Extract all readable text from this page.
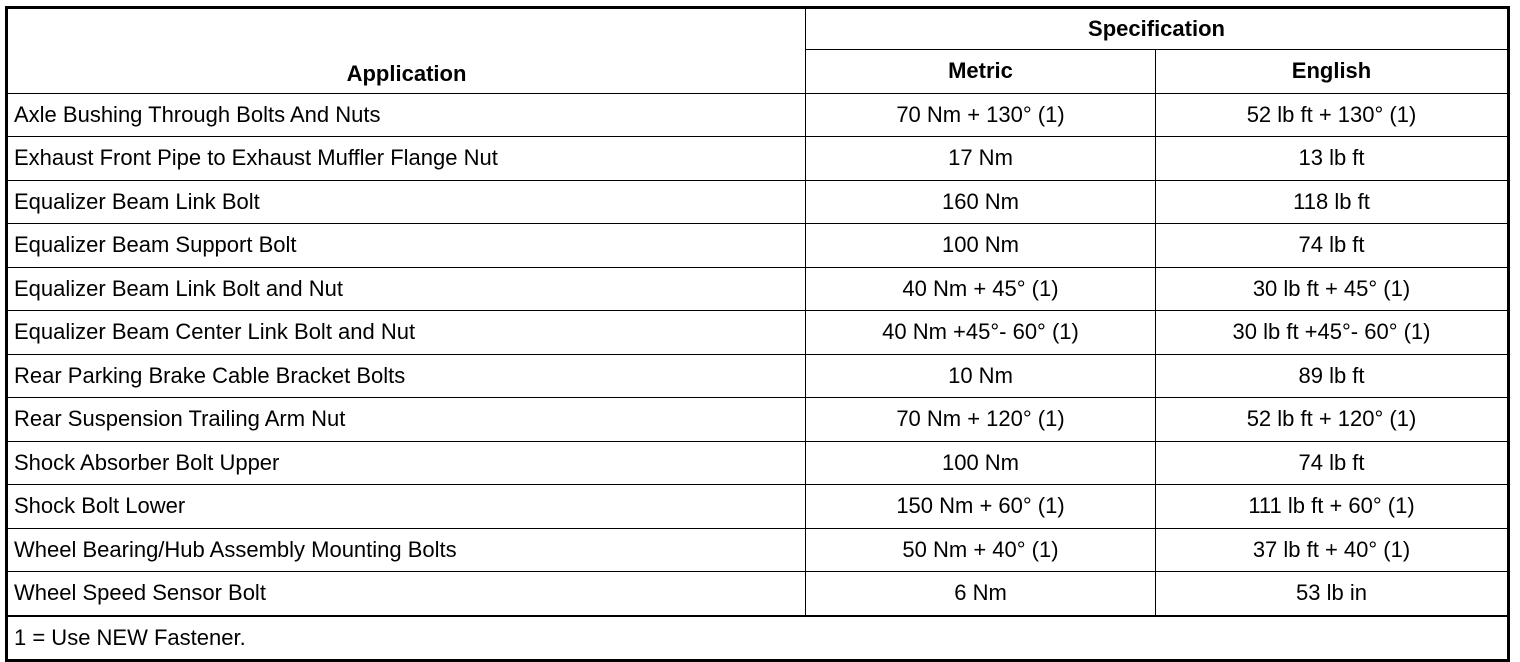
Application	Specification	
	Metric	English
Axle Bushing Through Bolts And Nuts	70 Nm + 130° (1)	52 lb ft + 130° (1)
Exhaust Front Pipe to Exhaust Muffler Flange Nut	17 Nm	13 lb ft
Equalizer Beam Link Bolt	160 Nm	118 lb ft
Equalizer Beam Support Bolt	100 Nm	74 lb ft
Equalizer Beam Link Bolt and Nut	40 Nm + 45° (1)	30 lb ft + 45° (1)
Equalizer Beam Center Link Bolt and Nut	40 Nm +45°- 60° (1)	30 lb ft +45°- 60° (1)
Rear Parking Brake Cable Bracket Bolts	10 Nm	89 lb ft
Rear Suspension Trailing Arm Nut	70 Nm + 120° (1)	52 lb ft + 120° (1)
Shock Absorber Bolt Upper	100 Nm	74 lb ft
Shock Bolt Lower	150 Nm + 60° (1)	111 lb ft + 60° (1)
Wheel Bearing/Hub Assembly Mounting Bolts	50 Nm + 40° (1)	37 lb ft + 40° (1)
Wheel Speed Sensor Bolt	6 Nm	53 lb in
1 = Use NEW Fastener.		
